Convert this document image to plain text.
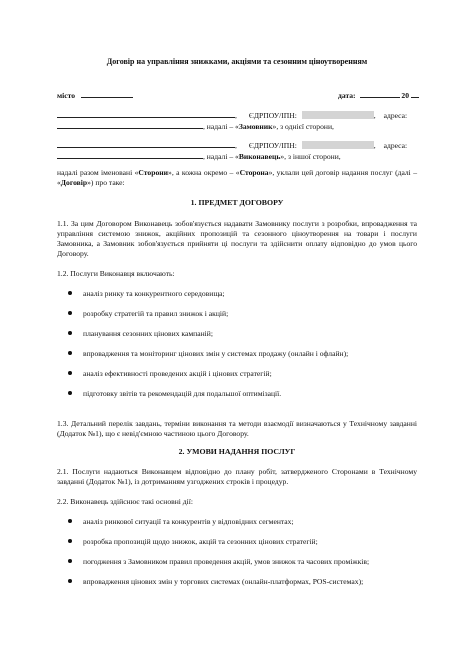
Договір на управління знижками, акціями та сезонним ціноутворенням
місто	дата:	20
, ЄДРПОУ/ІПН:	, адреса:
, надалі – «Замовник», з однієї сторони,
, ЄДРПОУ/ІПН:	, адреса:
, надалі – «Виконавець», з іншої сторони,
надалі разом іменовані «Сторони», а кожна окремо – «Сторона», уклали цей договір надання послуг (далі – «Договір») про таке:
1. ПРЕДМЕТ ДОГОВОРУ
1.1. За цим Договором Виконавець зобов'язується надавати Замовнику послуги з розробки, впровадження та управління системою знижок, акційних пропозицій та сезонного ціноутворення на товари і послуги Замовника, а Замовник зобов'язується прийняти ці послуги та здійснити оплату відповідно до умов цього Договору.
1.2. Послуги Виконавця включають:
аналіз ринку та конкурентного середовища;
розробку стратегій та правил знижок і акцій;
планування сезонних цінових кампаній;
впровадження та моніторинг цінових змін у системах продажу (онлайн і офлайн);
аналіз ефективності проведених акцій і цінових стратегій;
підготовку звітів та рекомендацій для подальшої оптимізації.
1.3. Детальний перелік завдань, терміни виконання та методи взаємодії визначаються у Технічному завданні (Додаток №1), що є невід'ємною частиною цього Договору.
2. УМОВИ НАДАННЯ ПОСЛУГ
2.1. Послуги надаються Виконавцем відповідно до плану робіт, затвердженого Сторонами в Технічному завданні (Додаток №1), із дотриманням узгоджених строків і процедур.
2.2. Виконавець здійснює такі основні дії:
аналіз ринкової ситуації та конкурентів у відповідних сегментах;
розробка пропозицій щодо знижок, акцій та сезонних цінових стратегій;
погодження з Замовником правил проведення акцій, умов знижок та часових проміжків;
впровадження цінових змін у торгових системах (онлайн-платформах, POS-системах);
